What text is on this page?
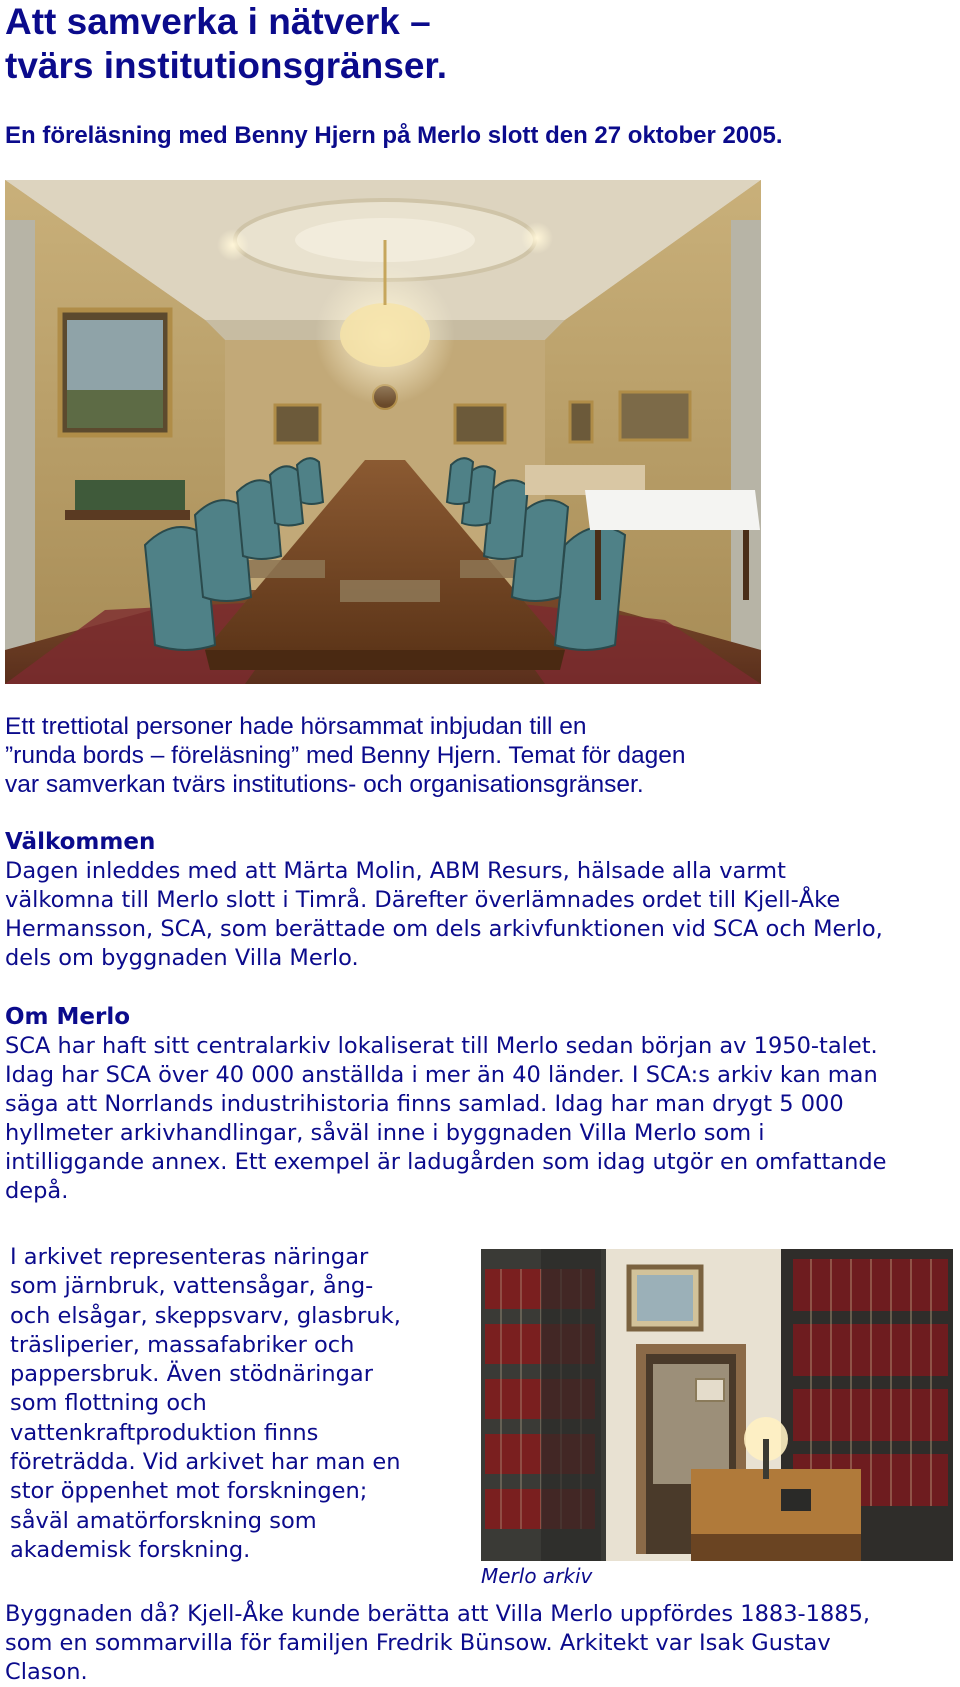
Att samverka i nätverk –
tvärs institutionsgränser.

En föreläsning med Benny Hjern på Merlo slott den 27 oktober 2005.

Ett trettiotal personer hade hörsammat inbjudan till en
”runda bords – föreläsning” med Benny Hjern. Temat för dagen
var samverkan tvärs institutions- och organisationsgränser.

Välkommen

Dagen inleddes med att Märta Molin, ABM Resurs, hälsade alla varmt
välkomna till Merlo slott i Timrå. Därefter överlämnades ordet till Kjell-Åke
Hermansson, SCA, som berättade om dels arkivfunktionen vid SCA och Merlo,
dels om byggnaden Villa Merlo.

Om Merlo

SCA har haft sitt centralarkiv lokaliserat till Merlo sedan början av 1950-talet.
Idag har SCA över 40 000 anställda i mer än 40 länder. I SCA:s arkiv kan man
säga att Norrlands industrihistoria finns samlad. Idag har man drygt 5 000
hyllmeter arkivhandlingar, såväl inne i byggnaden Villa Merlo som i
intilliggande annex. Ett exempel är ladugården som idag utgör en omfattande
depå.

I arkivet representeras näringar
som järnbruk, vattensågar, ång-
och elsågar, skeppsvarv, glasbruk,
träsliperier, massafabriker och
pappersbruk. Även stödnäringar
som flottning och
vattenkraftproduktion finns
företrädda. Vid arkivet har man en
stor öppenhet mot forskningen;
såväl amatörforskning som
akademisk forskning.

Merlo arkiv

Byggnaden då? Kjell-Åke kunde berätta att Villa Merlo uppfördes 1883-1885,
som en sommarvilla för familjen Fredrik Bünsow. Arkitekt var Isak Gustav
Clason.
